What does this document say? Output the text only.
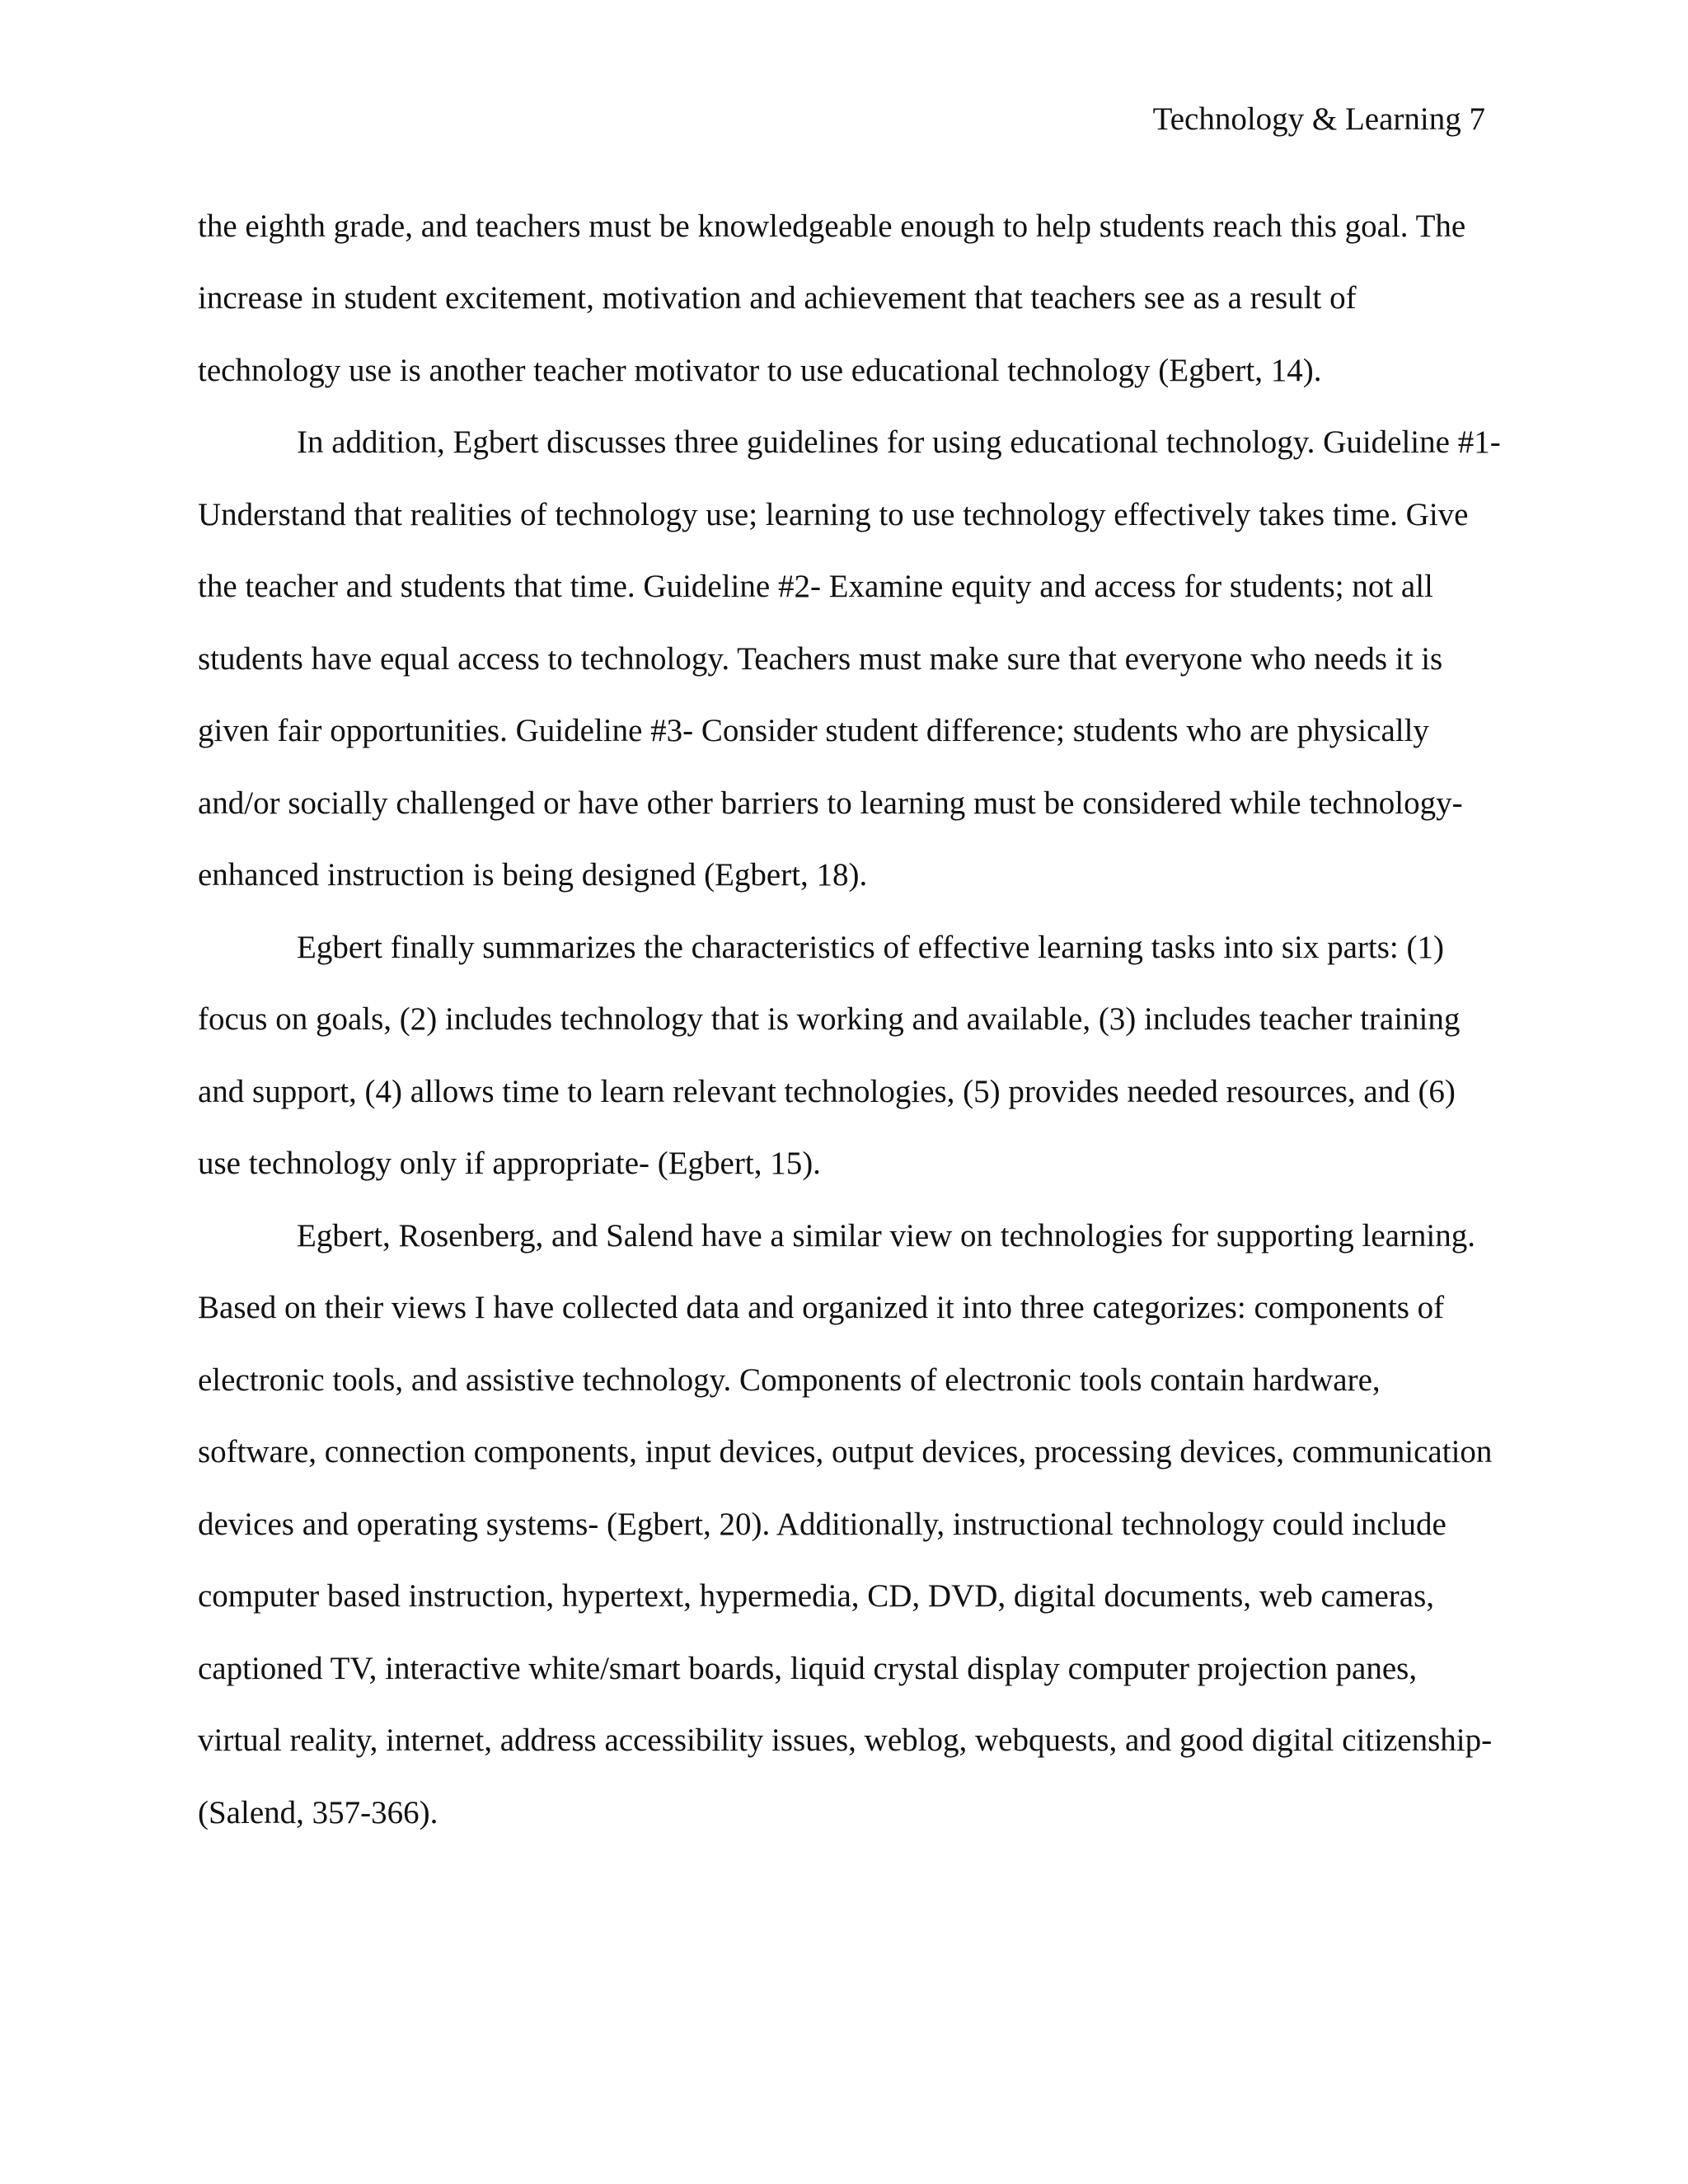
Technology & Learning 7
the eighth grade, and teachers must be knowledgeable enough to help students reach this goal. The
increase in student excitement, motivation and achievement that teachers see as a result of
technology use is another teacher motivator to use educational technology (Egbert, 14).
In addition, Egbert discusses three guidelines for using educational technology. Guideline #1-
Understand that realities of technology use; learning to use technology effectively takes time. Give
the teacher and students that time. Guideline #2- Examine equity and access for students; not all
students have equal access to technology. Teachers must make sure that everyone who needs it is
given fair opportunities. Guideline #3- Consider student difference; students who are physically
and/or socially challenged or have other barriers to learning must be considered while technology-
enhanced instruction is being designed (Egbert, 18).
Egbert finally summarizes the characteristics of effective learning tasks into six parts: (1)
focus on goals, (2) includes technology that is working and available, (3) includes teacher training
and support, (4) allows time to learn relevant technologies, (5) provides needed resources, and (6)
use technology only if appropriate- (Egbert, 15).
Egbert, Rosenberg, and Salend have a similar view on technologies for supporting learning.
Based on their views I have collected data and organized it into three categorizes: components of
electronic tools, and assistive technology. Components of electronic tools contain hardware,
software, connection components, input devices, output devices, processing devices, communication
devices and operating systems- (Egbert, 20). Additionally, instructional technology could include
computer based instruction, hypertext, hypermedia, CD, DVD, digital documents, web cameras,
captioned TV, interactive white/smart boards, liquid crystal display computer projection panes,
virtual reality, internet, address accessibility issues, weblog, webquests, and good digital citizenship-
(Salend, 357-366).
